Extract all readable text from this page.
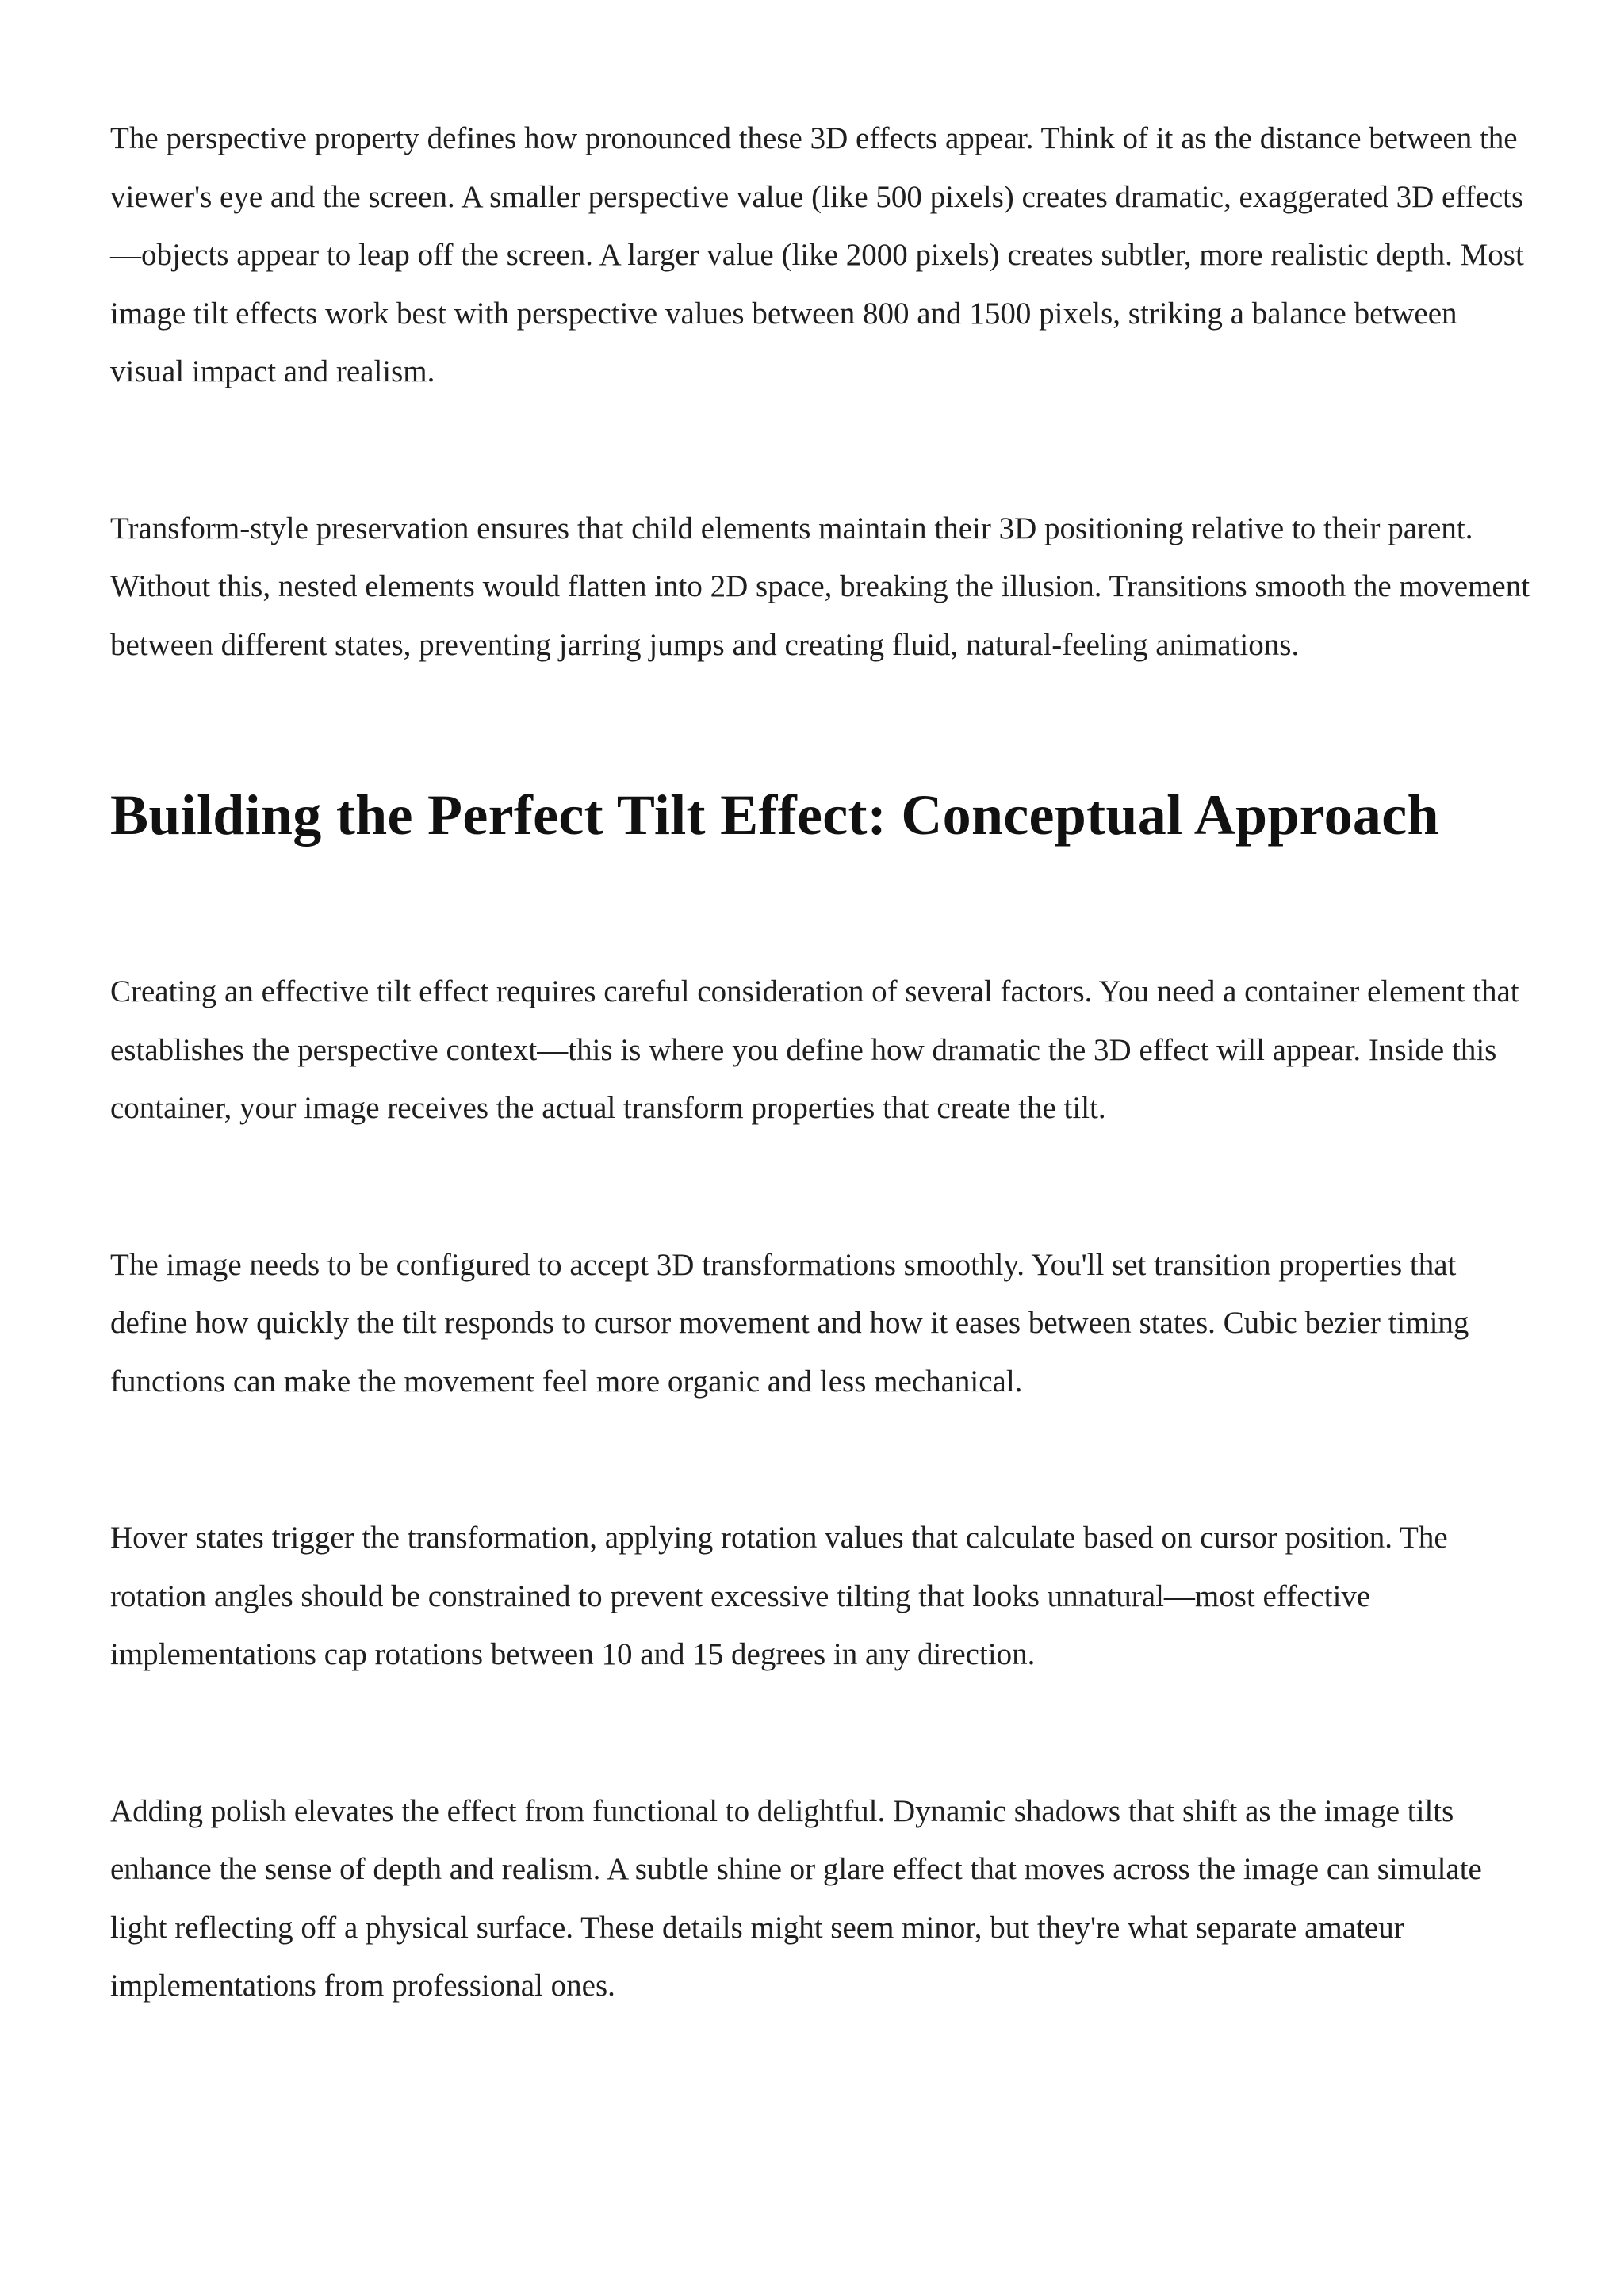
The perspective property defines how pronounced these 3D effects appear. Think of it as the distance between the viewer's eye and the screen. A smaller perspective value (like 500 pixels) creates dramatic, exaggerated 3D effects—objects appear to leap off the screen. A larger value (like 2000 pixels) creates subtler, more realistic depth. Most image tilt effects work best with perspective values between 800 and 1500 pixels, striking a balance between visual impact and realism.

Transform-style preservation ensures that child elements maintain their 3D positioning relative to their parent. Without this, nested elements would flatten into 2D space, breaking the illusion. Transitions smooth the movement between different states, preventing jarring jumps and creating fluid, natural-feeling animations.

Building the Perfect Tilt Effect: Conceptual Approach

Creating an effective tilt effect requires careful consideration of several factors. You need a container element that establishes the perspective context—this is where you define how dramatic the 3D effect will appear. Inside this container, your image receives the actual transform properties that create the tilt.

The image needs to be configured to accept 3D transformations smoothly. You'll set transition properties that define how quickly the tilt responds to cursor movement and how it eases between states. Cubic bezier timing functions can make the movement feel more organic and less mechanical.

Hover states trigger the transformation, applying rotation values that calculate based on cursor position. The rotation angles should be constrained to prevent excessive tilting that looks unnatural—most effective implementations cap rotations between 10 and 15 degrees in any direction.

Adding polish elevates the effect from functional to delightful. Dynamic shadows that shift as the image tilts enhance the sense of depth and realism. A subtle shine or glare effect that moves across the image can simulate light reflecting off a physical surface. These details might seem minor, but they're what separate amateur implementations from professional ones.
